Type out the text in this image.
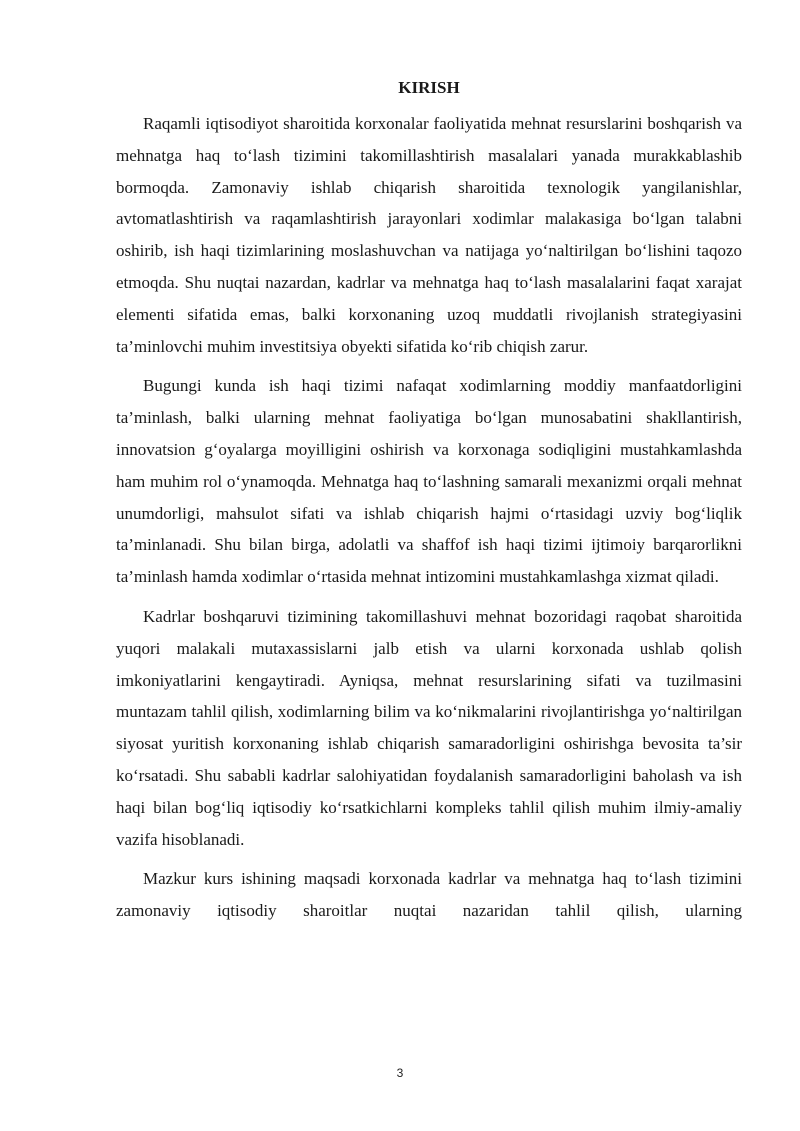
KIRISH

Raqamli iqtisodiyot sharoitida korxonalar faoliyatida mehnat resurslarini boshqarish va mehnatga haq to‘lash tizimini takomillashtirish masalalari yanada murakkablashib bormoqda. Zamonaviy ishlab chiqarish sharoitida texnologik yangilanishlar, avtomatlashtirish va raqamlashtirish jarayonlari xodimlar malakasiga bo‘lgan talabni oshirib, ish haqi tizimlarining moslashuvchan va natijaga yo‘naltirilgan bo‘lishini taqozo etmoqda. Shu nuqtai nazardan, kadrlar va mehnatga haq to‘lash masalalarini faqat xarajat elementi sifatida emas, balki korxonaning uzoq muddatli rivojlanish strategiyasini ta’minlovchi muhim investitsiya obyekti sifatida ko‘rib chiqish zarur.

Bugungi kunda ish haqi tizimi nafaqat xodimlarning moddiy manfaatdorligini ta’minlash, balki ularning mehnat faoliyatiga bo‘lgan munosabatini shakllantirish, innovatsion g‘oyalarga moyilligini oshirish va korxonaga sodiqligini mustahkamlashda ham muhim rol o‘ynamoqda. Mehnatga haq to‘lashning samarali mexanizmi orqali mehnat unumdorligi, mahsulot sifati va ishlab chiqarish hajmi o‘rtasidagi uzviy bog‘liqlik ta’minlanadi. Shu bilan birga, adolatli va shaffof ish haqi tizimi ijtimoiy barqarorlikni ta’minlash hamda xodimlar o‘rtasida mehnat intizomini mustahkamlashga xizmat qiladi.

Kadrlar boshqaruvi tizimining takomillashuvi mehnat bozoridagi raqobat sharoitida yuqori malakali mutaxassislarni jalb etish va ularni korxonada ushlab qolish imkoniyatlarini kengaytiradi. Ayniqsa, mehnat resurslarining sifati va tuzilmasini muntazam tahlil qilish, xodimlarning bilim va ko‘nikmalarini rivojlantirishga yo‘naltirilgan siyosat yuritish korxonaning ishlab chiqarish samaradorligini oshirishga bevosita ta’sir ko‘rsatadi. Shu sababli kadrlar salohiyatidan foydalanish samaradorligini baholash va ish haqi bilan bog‘liq iqtisodiy ko‘rsatkichlarni kompleks tahlil qilish muhim ilmiy-amaliy vazifa hisoblanadi.

Mazkur kurs ishining maqsadi korxonada kadrlar va mehnatga haq to‘lash tizimini zamonaviy iqtisodiy sharoitlar nuqtai nazaridan tahlil qilish, ularning

3
